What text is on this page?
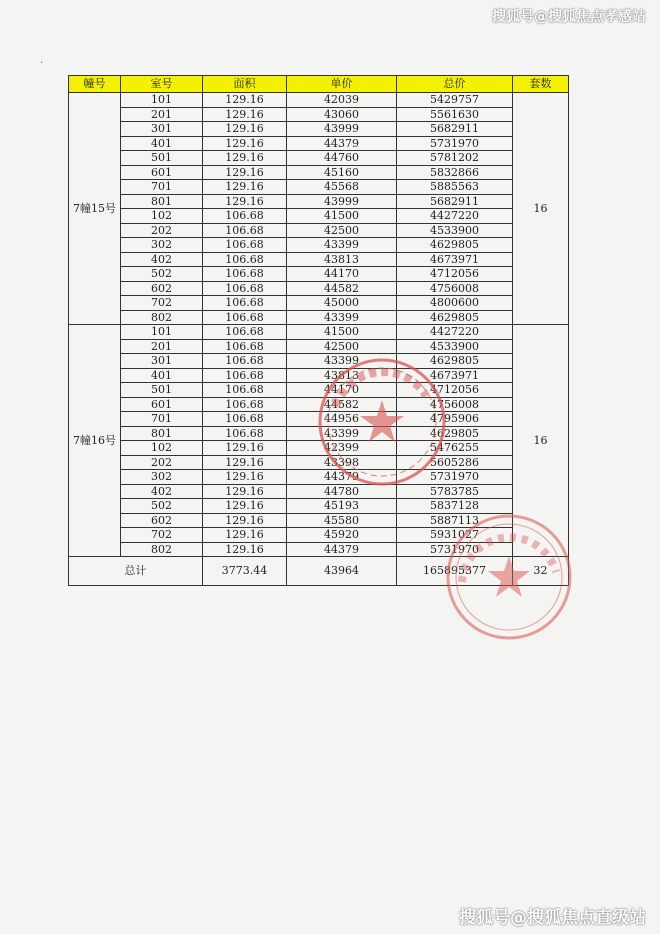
搜狐号@搜狐焦点孝感站
·
幢号	室号	面积	单价	总价	套数
7幢15号	101	129.16	42039	5429757	16
	201	129.16	43060	5561630	
	301	129.16	43999	5682911	
	401	129.16	44379	5731970	
	501	129.16	44760	5781202	
	601	129.16	45160	5832866	
	701	129.16	45568	5885563	
	801	129.16	43999	5682911	
	102	106.68	41500	4427220	
	202	106.68	42500	4533900	
	302	106.68	43399	4629805	
	402	106.68	43813	4673971	
	502	106.68	44170	4712056	
	602	106.68	44582	4756008	
	702	106.68	45000	4800600	
	802	106.68	43399	4629805	
7幢16号	101	106.68	41500	4427220	16
	201	106.68	42500	4533900	
	301	106.68	43399	4629805	
	401	106.68	43813	4673971	
	501	106.68	44170	4712056	
	601	106.68	44582	4756008	
	701	106.68	44956	4795906	
	801	106.68	43399	4629805	
	102	129.16	42399	5476255	
	202	129.16	43398	5605286	
	302	129.16	44379	5731970	
	402	129.16	44780	5783785	
	502	129.16	45193	5837128	
	602	129.16	45580	5887113	
	702	129.16	45920	5931027	
	802	129.16	44379	5731970	
总计		3773.44	43964	165895377	32
搜狐号@搜狐焦点直级站
